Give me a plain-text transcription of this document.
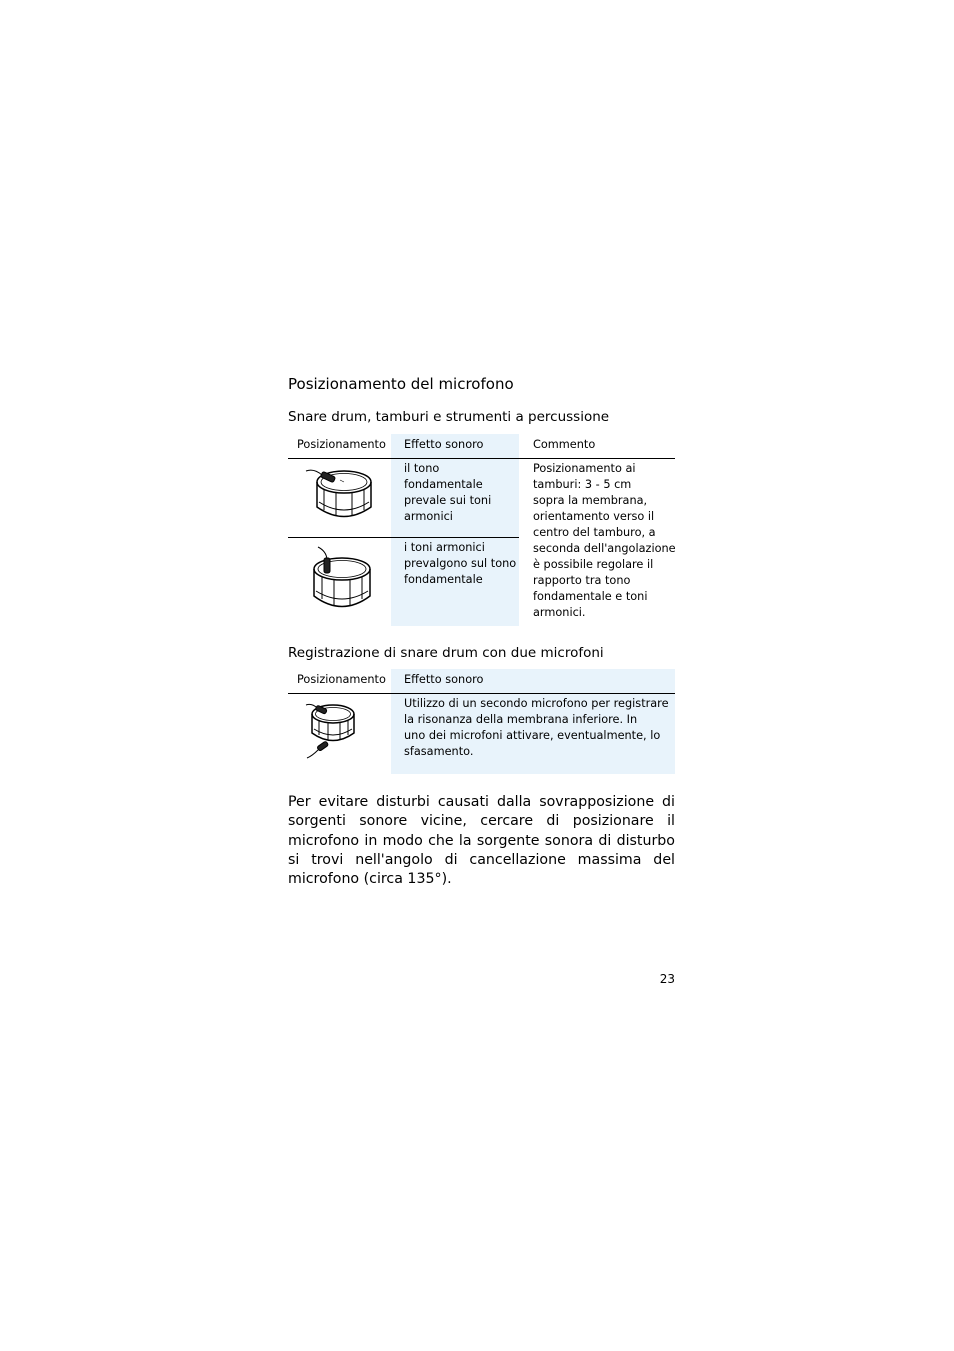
Posizionamento del microfono
Snare drum, tamburi e strumenti a percussione
Posizionamento Effetto sonoro	Commento
il tono
fondamentale
prevale sui toni
armonici
i toni armonici
prevalgono sul tono
fondamentale
Posizionamento ai
tamburi: 3 - 5 cm
sopra la membrana,
orientamento verso il
centro del tamburo, a
seconda dell'angolazione
è possibile regolare il
rapporto tra tono
fondamentale e toni
armonici.
Registrazione di snare drum con due microfoni
Posizionamento Effetto sonoro
Utilizzo di un secondo microfono per registrare
la risonanza della membrana inferiore. In
uno dei microfoni attivare, eventualmente, lo
sfasamento.
Per evitare disturbi causati dalla sovrapposizione di sorgenti sonore vicine, cercare di posizionare il microfono in modo che la sorgente sonora di disturbo si trovi nell'angolo di cancellazione massima del microfono (circa 135°).
23
